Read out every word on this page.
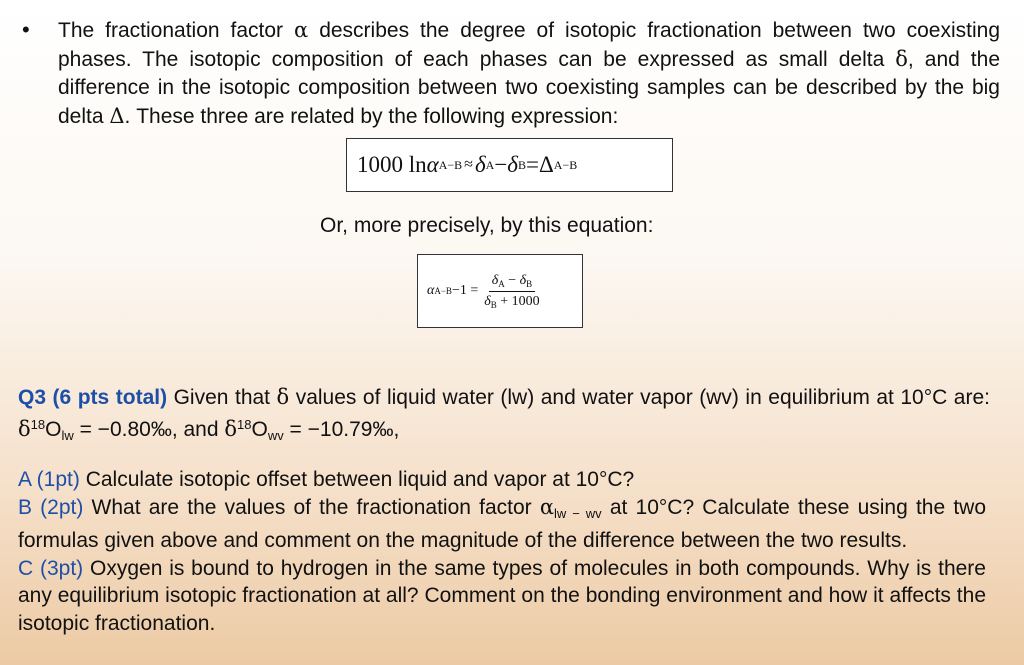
• The fractionation factor α describes the degree of isotopic fractionation between two coexisting phases. The isotopic composition of each phases can be expressed as small delta δ, and the difference in the isotopic composition between two coexisting samples can be described by the big delta Δ. These three are related by the following expression:
1000 ln α A−B ≈ δ A − δ B = Δ A−B
Or, more precisely, by this equation:
α $A-B -1 = \frac{\delta_A - \delta_B}{\delta_B + 1000}$
Q3 (6 pts total) Given that δ values of liquid water (lw) and water vapor (wv) in equilibrium at 10°C are: $\delta^{18}O_{lw}$ = −0.80‰, and $\delta^{18}O_{wv}$ = −10.79‰,

A (1pt) Calculate isotopic offset between liquid and vapor at 10°C?

B (2pt) What are the values of the fractionation factor $\alpha_{lw - wv}$ at 10°C? Calculate these using the two formulas given above and comment on the magnitude of the difference between the two results.

C (3pt) Oxygen is bound to hydrogen in the same types of molecules in both compounds. Why is there any equilibrium isotopic fractionation at all? Comment on the bonding environment and how it affects the isotopic fractionation.
